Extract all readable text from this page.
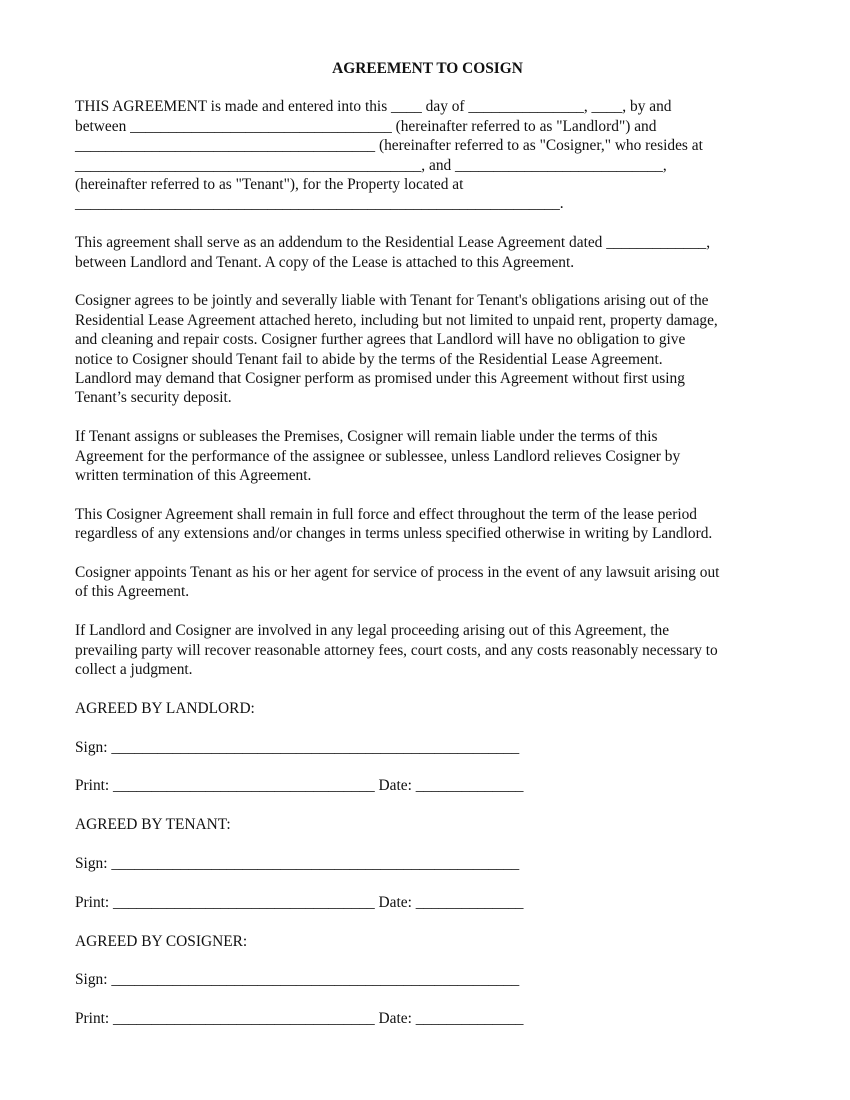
AGREEMENT TO COSIGN
THIS AGREEMENT is made and entered into this ____ day of _______________, ____, by and
between __________________________________ (hereinafter referred to as "Landlord") and
_______________________________________ (hereinafter referred to as "Cosigner," who resides at
_____________________________________________, and ___________________________,
(hereinafter referred to as "Tenant"), for the Property located at
_______________________________________________________________.
This agreement shall serve as an addendum to the Residential Lease Agreement dated _____________,
between Landlord and Tenant. A copy of the Lease is attached to this Agreement.
Cosigner agrees to be jointly and severally liable with Tenant for Tenant's obligations arising out of the
Residential Lease Agreement attached hereto, including but not limited to unpaid rent, property damage,
and cleaning and repair costs. Cosigner further agrees that Landlord will have no obligation to give
notice to Cosigner should Tenant fail to abide by the terms of the Residential Lease Agreement.
Landlord may demand that Cosigner perform as promised under this Agreement without first using
Tenant’s security deposit.
If Tenant assigns or subleases the Premises, Cosigner will remain liable under the terms of this
Agreement for the performance of the assignee or sublessee, unless Landlord relieves Cosigner by
written termination of this Agreement.
This Cosigner Agreement shall remain in full force and effect throughout the term of the lease period
regardless of any extensions and/or changes in terms unless specified otherwise in writing by Landlord.
Cosigner appoints Tenant as his or her agent for service of process in the event of any lawsuit arising out
of this Agreement.
If Landlord and Cosigner are involved in any legal proceeding arising out of this Agreement, the
prevailing party will recover reasonable attorney fees, court costs, and any costs reasonably necessary to
collect a judgment.
AGREED BY LANDLORD:
Sign: _____________________________________________________
Print: __________________________________ Date: ______________
AGREED BY TENANT:
Sign: _____________________________________________________
Print: __________________________________ Date: ______________
AGREED BY COSIGNER:
Sign: _____________________________________________________
Print: __________________________________ Date: ______________
